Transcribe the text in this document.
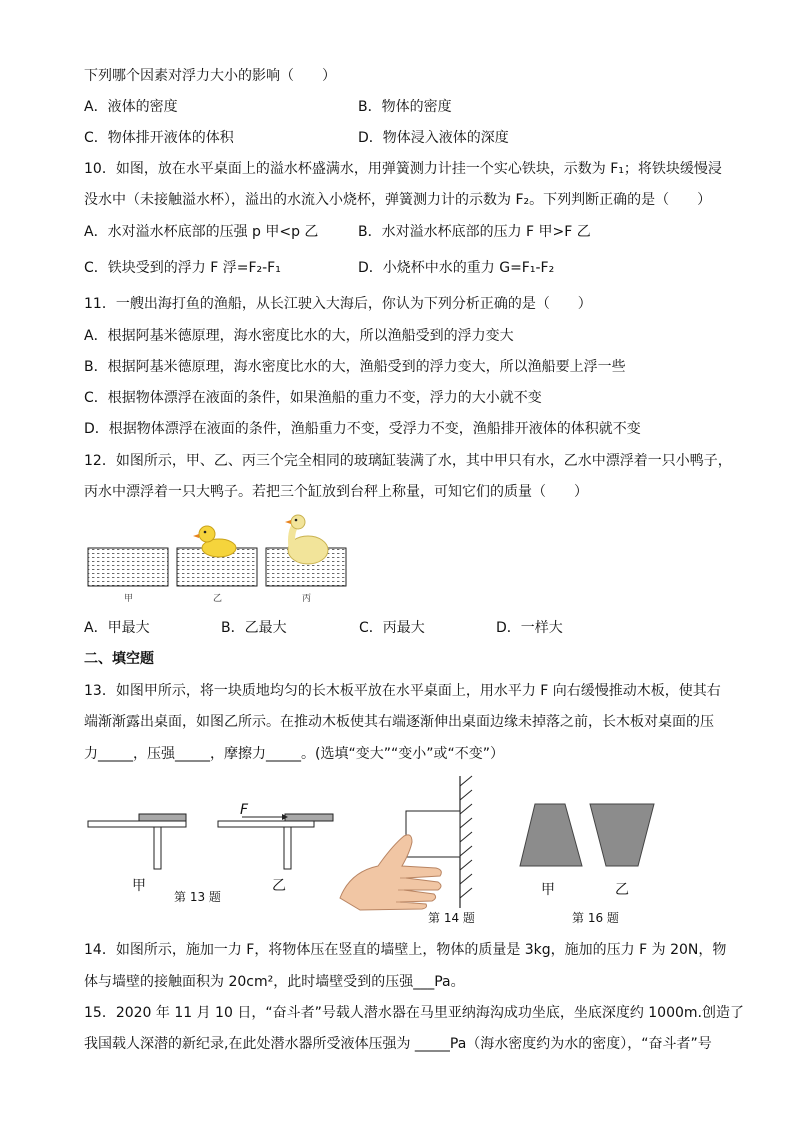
下列哪个因素对浮力大小的影响（　　）
A．液体的密度	B．物体的密度
C．物体排开液体的体积	D．物体浸入液体的深度
10．如图，放在水平桌面上的溢水杯盛满水，用弹簧测力计挂一个实心铁块，示数为 F₁；将铁块缓慢浸
没水中（未接触溢水杯），溢出的水流入小烧杯，弹簧测力计的示数为 F₂。下列判断正确的是（　　）
A．水对溢水杯底部的压强 p 甲<p 乙	B．水对溢水杯底部的压力 F 甲>F 乙
C．铁块受到的浮力 F 浮=F₂-F₁	D．小烧杯中水的重力 G=F₁-F₂
11．一艘出海打鱼的渔船，从长江驶入大海后，你认为下列分析正确的是（　　）
A．根据阿基米德原理，海水密度比水的大，所以渔船受到的浮力变大
B．根据阿基米德原理，海水密度比水的大，渔船受到的浮力变大，所以渔船要上浮一些
C．根据物体漂浮在液面的条件，如果渔船的重力不变，浮力的大小就不变
D．根据物体漂浮在液面的条件，渔船重力不变，受浮力不变，渔船排开液体的体积就不变
12．如图所示，甲、乙、丙三个完全相同的玻璃缸装满了水，其中甲只有水，乙水中漂浮着一只小鸭子，
丙水中漂浮着一只大鸭子。若把三个缸放到台秤上称量，可知它们的质量（　　）
甲	乙	丙
A．甲最大	B．乙最大	C．丙最大	D．一样大
二、填空题
13．如图甲所示，将一块质地均匀的长木板平放在水平桌面上，用水平力 F 向右缓慢推动木板，使其右
端渐渐露出桌面，如图乙所示。在推动木板使其右端逐渐伸出桌面边缘未掉落之前，长木板对桌面的压
力_____，压强_____，摩擦力_____。(选填“变大”“变小”或“不变”）
甲
第 13 题
F
乙
第 14 题
甲	乙
第 16 题
14．如图所示，施加一力 F，将物体压在竖直的墙壁上，物体的质量是 3kg，施加的压力 F 为 20N，物
体与墙壁的接触面积为 20cm²，此时墙壁受到的压强___Pa。
15．2020 年 11 月 10 日，“奋斗者”号载人潜水器在马里亚纳海沟成功坐底，坐底深度约 1000m.创造了
我国载人深潜的新纪录,在此处潜水器所受液体压强为 _____Pa（海水密度约为水的密度），“奋斗者”号
